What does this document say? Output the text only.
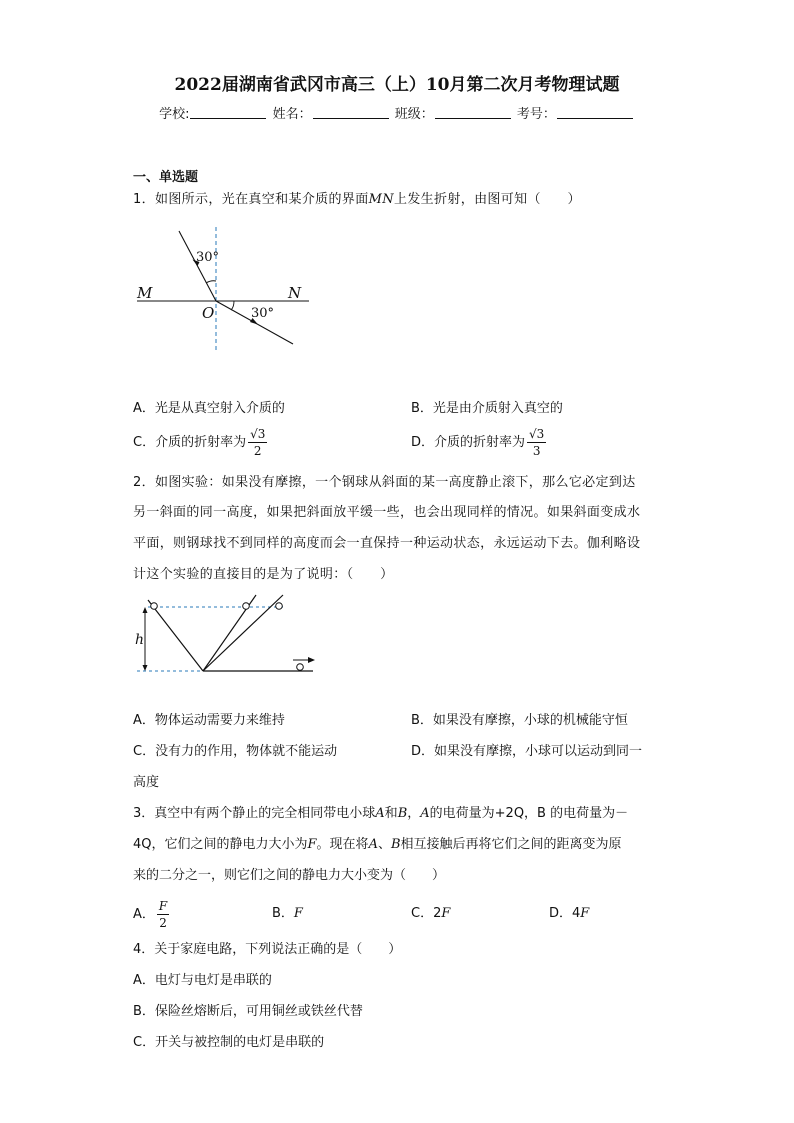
2022届湖南省武冈市高三（上）10月第二次月考物理试题
学校:	姓名：	班级：	考号：
一、单选题
1．如图所示，光在真空和某介质的界面MN上发生折射，由图可知（　　）
30°
30°
M	N
O
A．光是从真空射入介质的	B．光是由介质射入真空的
C．介质的折射率为 $\frac{√3}{2}$	D．介质的折射率为 $\frac{√3}{3}$
2．如图实验：如果没有摩擦，一个钢球从斜面的某一高度静止滚下，那么它必定到达
另一斜面的同一高度，如果把斜面放平缓一些，也会出现同样的情况。如果斜面变成水
平面，则钢球找不到同样的高度而会一直保持一种运动状态，永远运动下去。伽利略设
计这个实验的直接目的是为了说明：（　　）
h
A．物体运动需要力来维持	B．如果没有摩擦，小球的机械能守恒
C．没有力的作用，物体就不能运动	D．如果没有摩擦，小球可以运动到同一
高度
3．真空中有两个静止的完全相同带电小球A和B，A的电荷量为+2Q，B 的电荷量为－
4Q，它们之间的静电力大小为F。现在将A、B相互接触后再将它们之间的距离变为原
来的二分之一，则它们之间的静电力大小变为（　　）
A． $\frac{F}{2}$	B．F	C．2F	D．4F
4．关于家庭电路，下列说法正确的是（　　）
A．电灯与电灯是串联的
B．保险丝熔断后，可用铜丝或铁丝代替
C．开关与被控制的电灯是串联的
